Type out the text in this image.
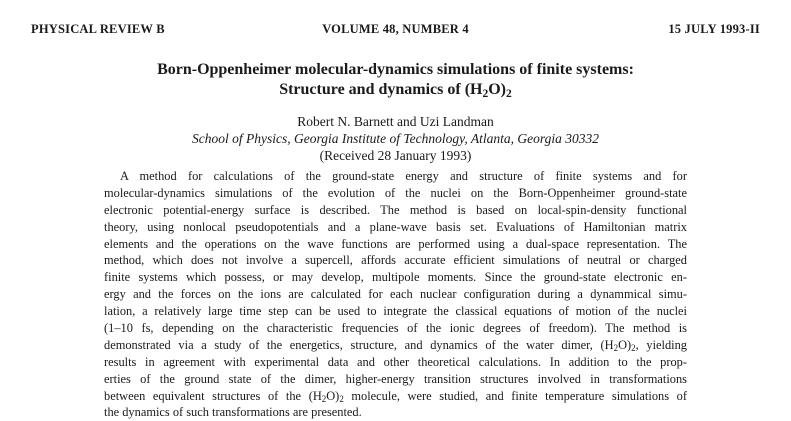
PHYSICAL REVIEW B	VOLUME 48, NUMBER 4	15 JULY 1993-II
Born-Oppenheimer molecular-dynamics simulations of finite systems:
Structure and dynamics of $(H_2O)_2$
Robert N. Barnett and Uzi Landman
School of Physics, Georgia Institute of Technology, Atlanta, Georgia 30332
(Received 28 January 1993)
A method for calculations of the ground-state energy and structure of finite systems and for
molecular-dynamics simulations of the evolution of the nuclei on the Born-Oppenheimer ground-state
electronic potential-energy surface is described. The method is based on local-spin-density functional
theory, using nonlocal pseudopotentials and a plane-wave basis set. Evaluations of Hamiltonian matrix
elements and the operations on the wave functions are performed using a dual-space representation. The
method, which does not involve a supercell, affords accurate efficient simulations of neutral or charged
finite systems which possess, or may develop, multipole moments. Since the ground-state electronic en-
ergy and the forces on the ions are calculated for each nuclear configuration during a dynammical simu-
lation, a relatively large time step can be used to integrate the classical equations of motion of the nuclei
(1–10 fs, depending on the characteristic frequencies of the ionic degrees of freedom). The method is
demonstrated via a study of the energetics, structure, and dynamics of the water dimer, $(H_2O)_2$, yielding
results in agreement with experimental data and other theoretical calculations. In addition to the prop-
erties of the ground state of the dimer, higher-energy transition structures involved in transformations
between equivalent structures of the $(H_2O)_2$ molecule, were studied, and finite temperature simulations of
the dynamics of such transformations are presented.
